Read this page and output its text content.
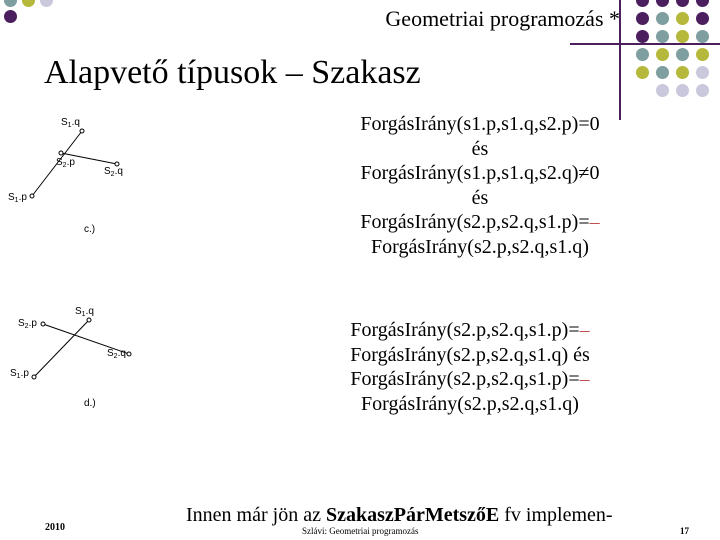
Geometriai programozás *
Alapvető típusok – Szakasz
$S_1.q$
$S_2.p$
$S_2.q$
$S_1.p$
c.)
$S_1.q$
$S_2.p$
$S_2.q$
$S_1.p$
d.)
ForgásIrány(s1.p,s1.q,s2.p)=0
és
ForgásIrány(s1.p,s1.q,s2.q)≠0
és
ForgásIrány(s2.p,s2.q,s1.p)=–
ForgásIrány(s2.p,s2.q,s1.q)
ForgásIrány(s2.p,s2.q,s1.p)=–
ForgásIrány(s2.p,s2.q,s1.q) és
ForgásIrány(s2.p,s2.q,s1.p)=–
ForgásIrány(s2.p,s2.q,s1.q)
Innen már jön az SzakaszPárMetszőE fv implemen-
2010	Szlávi: Geometriai programozás	17
